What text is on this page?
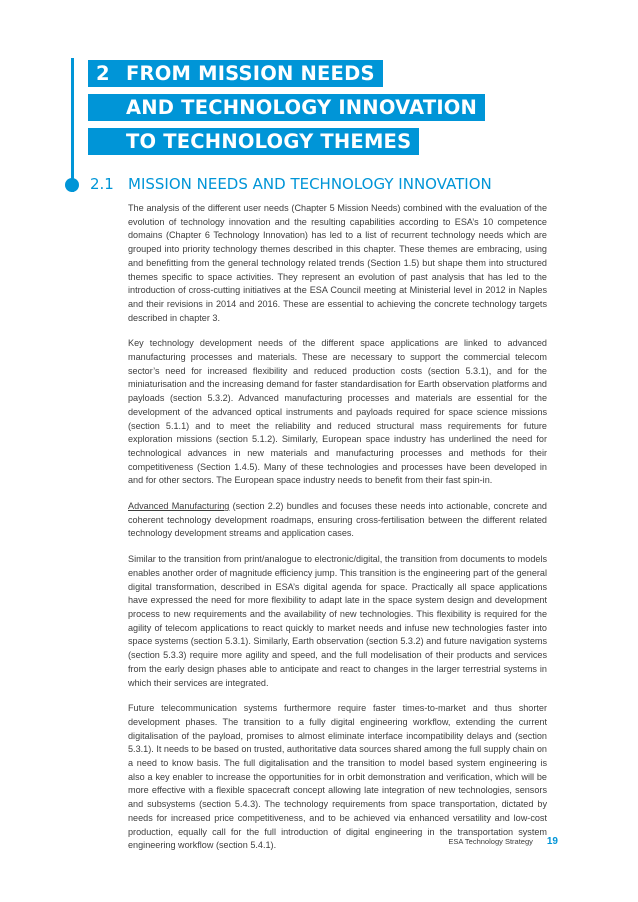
2 FROM MISSION NEEDS
AND TECHNOLOGY INNOVATION
TO TECHNOLOGY THEMES
2.1 MISSION NEEDS AND TECHNOLOGY INNOVATION

The analysis of the different user needs (Chapter 5 Mission Needs) combined with the evaluation of the evolution of technology innovation and the resulting capabilities according to ESA’s 10 competence domains (Chapter 6 Technology Innovation) has led to a list of recurrent technology needs which are grouped into priority technology themes described in this chapter. These themes are embracing, using and benefitting from the general technology related trends (Section 1.5) but shape them into structured themes specific to space activities. They represent an evolution of past analysis that has led to the introduction of cross-cutting initiatives at the ESA Council meeting at Ministerial level in 2012 in Naples and their revisions in 2014 and 2016. These are essential to achieving the concrete technology targets described in chapter 3.

Key technology development needs of the different space applications are linked to advanced manufacturing processes and materials. These are necessary to support the commercial telecom sector’s need for increased flexibility and reduced production costs (section 5.3.1), and for the miniaturisation and the increasing demand for faster standardisation for Earth observation platforms and payloads (section 5.3.2). Advanced manufacturing processes and materials are essential for the development of the advanced optical instruments and payloads required for space science missions (section 5.1.1) and to meet the reliability and reduced structural mass requirements for future exploration missions (section 5.1.2). Similarly, European space industry has underlined the need for technological advances in new materials and manufacturing processes and methods for their competitiveness (Section 1.4.5). Many of these technologies and processes have been developed in and for other sectors. The European space industry needs to benefit from their fast spin-in.

Advanced Manufacturing (section 2.2) bundles and focuses these needs into actionable, concrete and coherent technology development roadmaps, ensuring cross-fertilisation between the different related technology development streams and application cases.

Similar to the transition from print/analogue to electronic/digital, the transition from documents to models enables another order of magnitude efficiency jump. This transition is the engineering part of the general digital transformation, described in ESA’s digital agenda for space. Practically all space applications have expressed the need for more flexibility to adapt late in the space system design and development process to new requirements and the availability of new technologies. This flexibility is required for the agility of telecom applications to react quickly to market needs and infuse new technologies faster into space systems (section 5.3.1). Similarly, Earth observation (section 5.3.2) and future navigation systems (section 5.3.3) require more agility and speed, and the full modelisation of their products and services from the early design phases able to anticipate and react to changes in the larger terrestrial systems in which their services are integrated.

Future telecommunication systems furthermore require faster times-to-market and thus shorter development phases. The transition to a fully digital engineering workflow, extending the current digitalisation of the payload, promises to almost eliminate interface incompatibility delays and (section 5.3.1). It needs to be based on trusted, authoritative data sources shared among the full supply chain on a need to know basis. The full digitalisation and the transition to model based system engineering is also a key enabler to increase the opportunities for in orbit demonstration and verification, which will be more effective with a flexible spacecraft concept allowing late integration of new technologies, sensors and subsystems (section 5.4.3). The technology requirements from space transportation, dictated by needs for increased price competitiveness, and to be achieved via enhanced versatility and low-cost production, equally call for the full introduction of digital engineering in the transportation system engineering workflow (section 5.4.1).	ESA Technology Strategy 19
